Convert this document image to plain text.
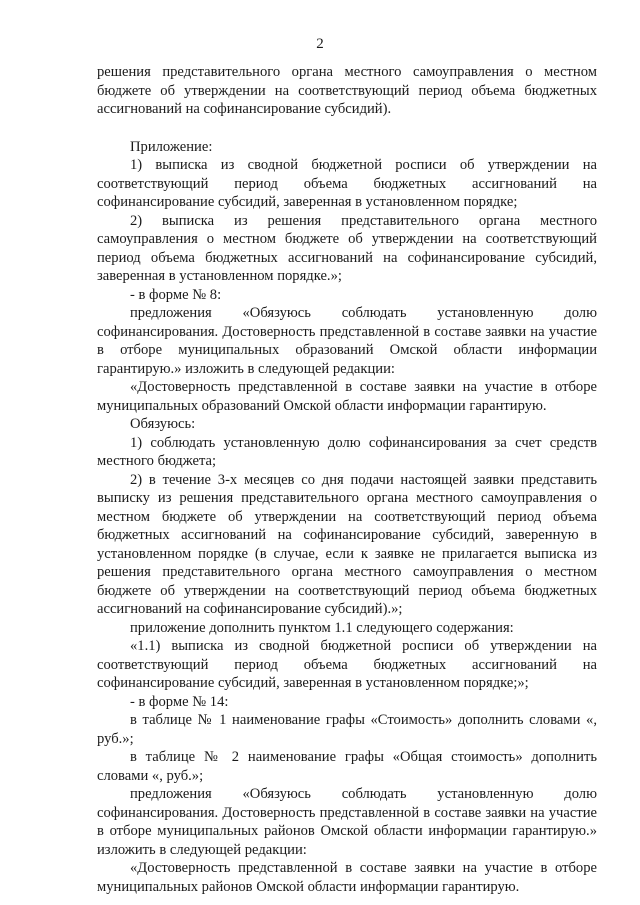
2

решения представительного органа местного самоуправления о местном бюджете об утверждении на соответствующий период объема бюджетных ассигнований на софинансирование субсидий).

Приложение:

1) выписка из сводной бюджетной росписи об утверждении на соответствующий период объема бюджетных ассигнований на софинансирование субсидий, заверенная в установленном порядке;

2) выписка из решения представительного органа местного самоуправления о местном бюджете об утверждении на соответствующий период объема бюджетных ассигнований на софинансирование субсидий, заверенная в установленном порядке.»;

- в форме № 8:

предложения «Обязуюсь соблюдать установленную долю софинансирования. Достоверность представленной в составе заявки на участие в отборе муниципальных образований Омской области информации гарантирую.» изложить в следующей редакции:

«Достоверность представленной в составе заявки на участие в отборе муниципальных образований Омской области информации гарантирую.

Обязуюсь:

1) соблюдать установленную долю софинансирования за счет средств местного бюджета;

2) в течение 3-х месяцев со дня подачи настоящей заявки представить выписку из решения представительного органа местного самоуправления о местном бюджете об утверждении на соответствующий период объема бюджетных ассигнований на софинансирование субсидий, заверенную в установленном порядке (в случае, если к заявке не прилагается выписка из решения представительного органа местного самоуправления о местном бюджете об утверждении на соответствующий период объема бюджетных ассигнований на софинансирование субсидий).»;

приложение дополнить пунктом 1.1 следующего содержания:

«1.1) выписка из сводной бюджетной росписи об утверждении на соответствующий период объема бюджетных ассигнований на софинансирование субсидий, заверенная в установленном порядке;»;

- в форме № 14:

в таблице № 1 наименование графы «Стоимость» дополнить словами «, руб.»;

в таблице № 2 наименование графы «Общая стоимость» дополнить словами «, руб.»;

предложения «Обязуюсь соблюдать установленную долю софинансирования. Достоверность представленной в составе заявки на участие в отборе муниципальных районов Омской области информации гарантирую.» изложить в следующей редакции:

«Достоверность представленной в составе заявки на участие в отборе муниципальных районов Омской области информации гарантирую.
